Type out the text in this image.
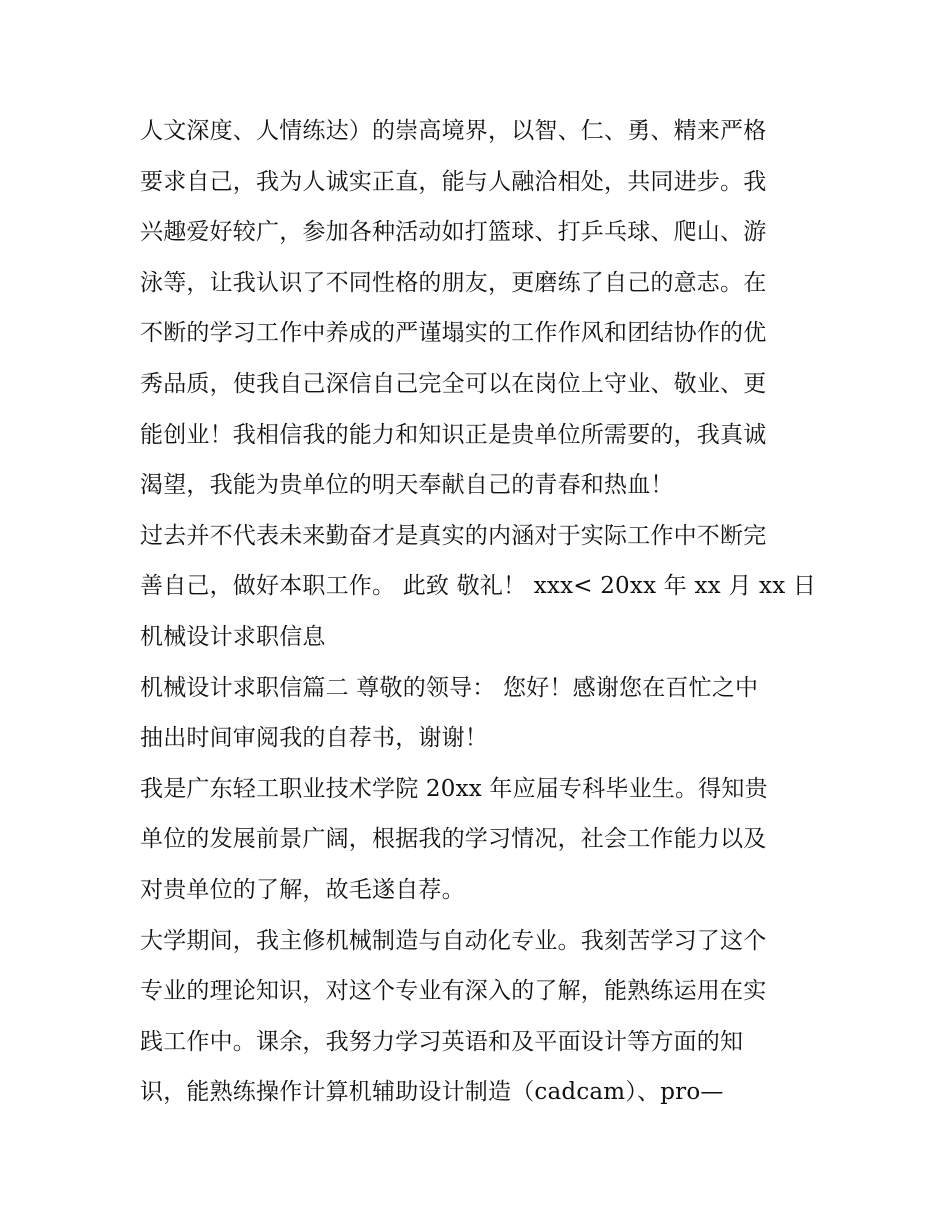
人文深度、人情练达）的崇高境界，以智、仁、勇、精来严格
要求自己，我为人诚实正直，能与人融洽相处，共同进步。我
兴趣爱好较广，参加各种活动如打篮球、打乒乓球、爬山、游
泳等，让我认识了不同性格的朋友，更磨练了自己的意志。在
不断的学习工作中养成的严谨塌实的工作作风和团结协作的优
秀品质，使我自己深信自己完全可以在岗位上守业、敬业、更
能创业！我相信我的能力和知识正是贵单位所需要的，我真诚
渴望，我能为贵单位的明天奉献自己的青春和热血！
过去并不代表未来勤奋才是真实的内涵对于实际工作中不断完
善自己，做好本职工作。 此致 敬礼！ xxx< 20xx 年 xx 月 xx 日
机械设计求职信息
机械设计求职信篇二 尊敬的领导： 您好！感谢您在百忙之中
抽出时间审阅我的自荐书，谢谢！
我是广东轻工职业技术学院 20xx 年应届专科毕业生。得知贵
单位的发展前景广阔，根据我的学习情况，社会工作能力以及
对贵单位的了解，故毛遂自荐。
大学期间，我主修机械制造与自动化专业。我刻苦学习了这个
专业的理论知识，对这个专业有深入的了解，能熟练运用在实
践工作中。课余，我努力学习英语和及平面设计等方面的知
识，能熟练操作计算机辅助设计制造（cadcam）、pro—
